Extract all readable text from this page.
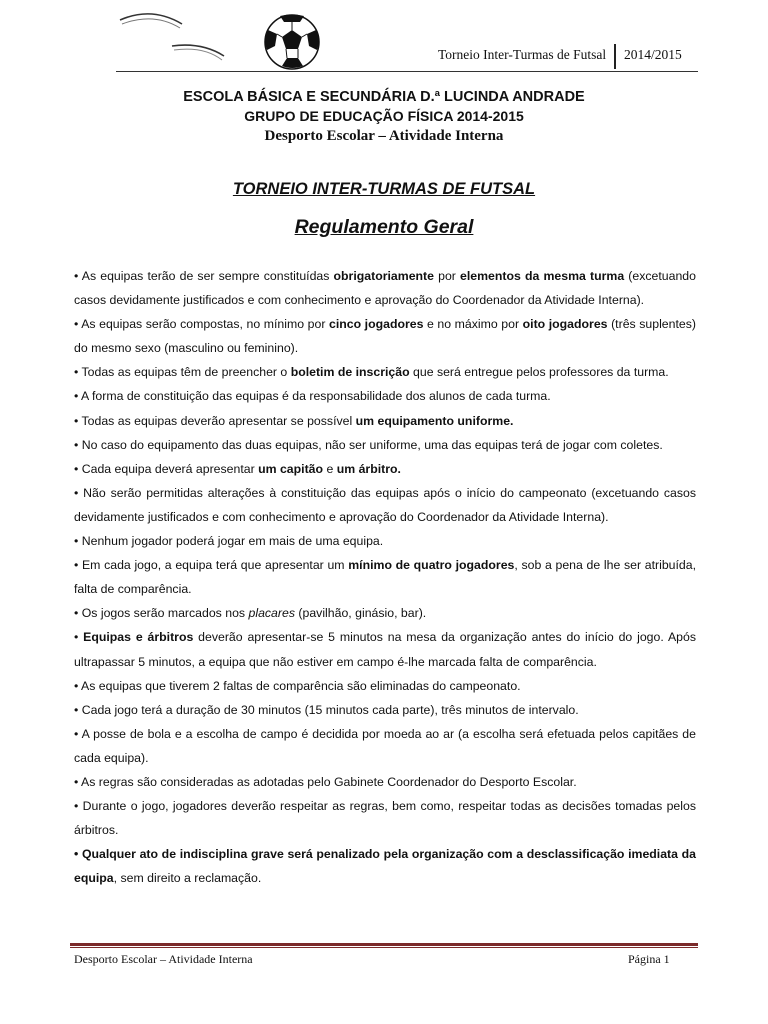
Torneio Inter-Turmas de Futsal 2014/2015
ESCOLA BÁSICA E SECUNDÁRIA D.ª LUCINDA ANDRADE
GRUPO DE EDUCAÇÃO FÍSICA 2014-2015
Desporto Escolar – Atividade Interna
TORNEIO INTER-TURMAS DE FUTSAL
Regulamento Geral

• As equipas terão de ser sempre constituídas obrigatoriamente por elementos da mesma turma (excetuando casos devidamente justificados e com conhecimento e aprovação do Coordenador da Atividade Interna).

• As equipas serão compostas, no mínimo por cinco jogadores e no máximo por oito jogadores (três suplentes) do mesmo sexo (masculino ou feminino).

• Todas as equipas têm de preencher o boletim de inscrição que será entregue pelos professores da turma.

• A forma de constituição das equipas é da responsabilidade dos alunos de cada turma.

• Todas as equipas deverão apresentar se possível um equipamento uniforme.

• No caso do equipamento das duas equipas, não ser uniforme, uma das equipas terá de jogar com coletes.

• Cada equipa deverá apresentar um capitão e um árbitro.

• Não serão permitidas alterações à constituição das equipas após o início do campeonato (excetuando casos devidamente justificados e com conhecimento e aprovação do Coordenador da Atividade Interna).

• Nenhum jogador poderá jogar em mais de uma equipa.

• Em cada jogo, a equipa terá que apresentar um mínimo de quatro jogadores, sob a pena de lhe ser atribuída, falta de comparência.

• Os jogos serão marcados nos placares (pavilhão, ginásio, bar).

• Equipas e árbitros deverão apresentar-se 5 minutos na mesa da organização antes do início do jogo. Após ultrapassar 5 minutos, a equipa que não estiver em campo é-lhe marcada falta de comparência.

• As equipas que tiverem 2 faltas de comparência são eliminadas do campeonato.

• Cada jogo terá a duração de 30 minutos (15 minutos cada parte), três minutos de intervalo.

• A posse de bola e a escolha de campo é decidida por moeda ao ar (a escolha será efetuada pelos capitães de cada equipa).

• As regras são consideradas as adotadas pelo Gabinete Coordenador do Desporto Escolar.

• Durante o jogo, jogadores deverão respeitar as regras, bem como, respeitar todas as decisões tomadas pelos árbitros.

• Qualquer ato de indisciplina grave será penalizado pela organização com a desclassificação imediata da equipa, sem direito a reclamação.

Desporto Escolar – Atividade Interna	Página 1
